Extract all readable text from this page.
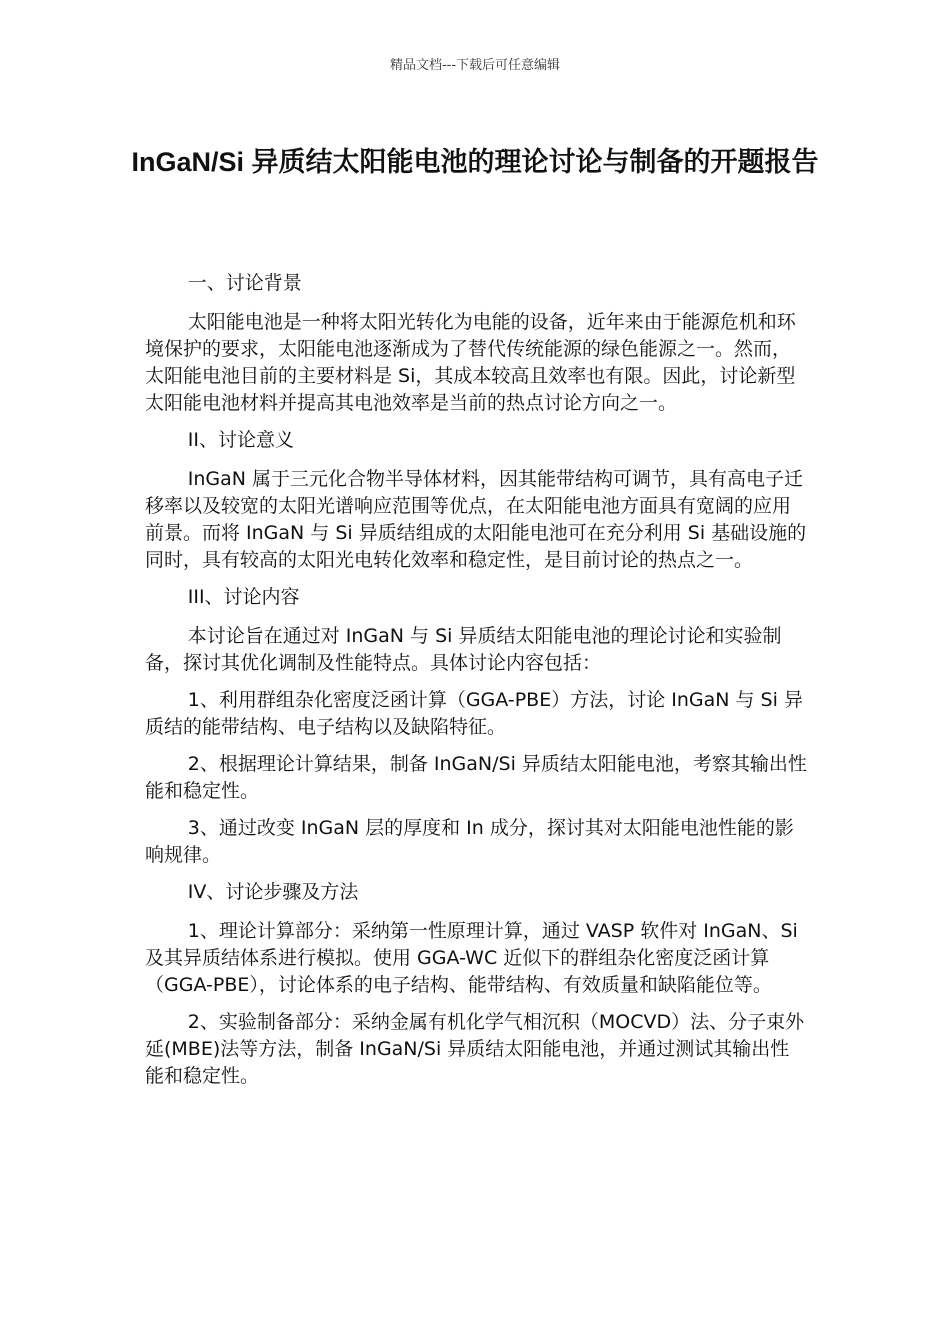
精品文档---下载后可任意编辑
InGaN/Si 异质结太阳能电池的理论讨论与制备的开题报告

一、讨论背景

太阳能电池是一种将太阳光转化为电能的设备，近年来由于能源危机和环境保护的要求，太阳能电池逐渐成为了替代传统能源的绿色能源之一。然而，太阳能电池目前的主要材料是 Si，其成本较高且效率也有限。因此，讨论新型太阳能电池材料并提高其电池效率是当前的热点讨论方向之一。

II、讨论意义

InGaN 属于三元化合物半导体材料，因其能带结构可调节，具有高电子迁移率以及较宽的太阳光谱响应范围等优点，在太阳能电池方面具有宽阔的应用前景。而将 InGaN 与 Si 异质结组成的太阳能电池可在充分利用 Si 基础设施的同时，具有较高的太阳光电转化效率和稳定性，是目前讨论的热点之一。

III、讨论内容

本讨论旨在通过对 InGaN 与 Si 异质结太阳能电池的理论讨论和实验制备，探讨其优化调制及性能特点。具体讨论内容包括：

1、利用群组杂化密度泛函计算（GGA-PBE）方法，讨论 InGaN 与 Si 异质结的能带结构、电子结构以及缺陷特征。

2、根据理论计算结果，制备 InGaN/Si 异质结太阳能电池，考察其输出性能和稳定性。

3、通过改变 InGaN 层的厚度和 In 成分，探讨其对太阳能电池性能的影响规律。

IV、讨论步骤及方法

1、理论计算部分：采纳第一性原理计算，通过 VASP 软件对 InGaN、Si 及其异质结体系进行模拟。使用 GGA-WC 近似下的群组杂化密度泛函计算（GGA-PBE），讨论体系的电子结构、能带结构、有效质量和缺陷能位等。

2、实验制备部分：采纳金属有机化学气相沉积（MOCVD）法、分子束外延(MBE)法等方法，制备 InGaN/Si 异质结太阳能电池，并通过测试其输出性能和稳定性。
